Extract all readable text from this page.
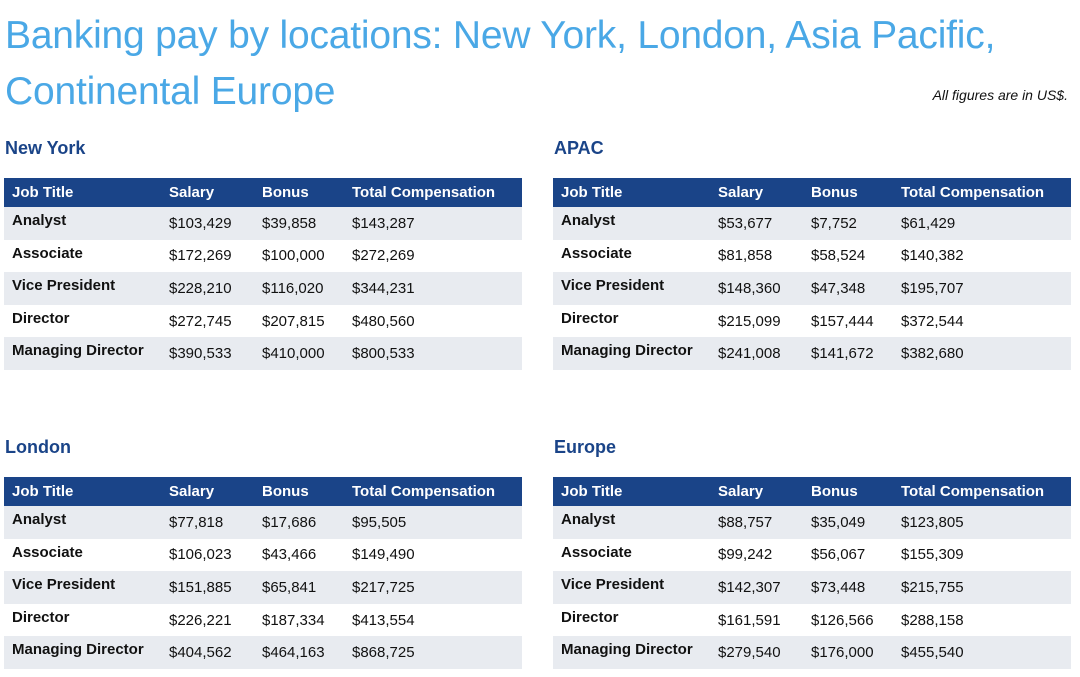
Banking pay by locations: New York, London, Asia Pacific, Continental Europe	All figures are in US$.
New York
Job Title	Salary	Bonus	Total Compensation
Analyst	$103,429	$39,858	$143,287
Associate	$172,269	$100,000	$272,269
Vice President	$228,210	$116,020	$344,231
Director	$272,745	$207,815	$480,560
Managing Director	$390,533	$410,000	$800,533
APAC
Job Title	Salary	Bonus	Total Compensation
Analyst	$53,677	$7,752	$61,429
Associate	$81,858	$58,524	$140,382
Vice President	$148,360	$47,348	$195,707
Director	$215,099	$157,444	$372,544
Managing Director	$241,008	$141,672	$382,680
London
Job Title	Salary	Bonus	Total Compensation
Analyst	$77,818	$17,686	$95,505
Associate	$106,023	$43,466	$149,490
Vice President	$151,885	$65,841	$217,725
Director	$226,221	$187,334	$413,554
Managing Director	$404,562	$464,163	$868,725
Europe
Job Title	Salary	Bonus	Total Compensation
Analyst	$88,757	$35,049	$123,805
Associate	$99,242	$56,067	$155,309
Vice President	$142,307	$73,448	$215,755
Director	$161,591	$126,566	$288,158
Managing Director	$279,540	$176,000	$455,540
